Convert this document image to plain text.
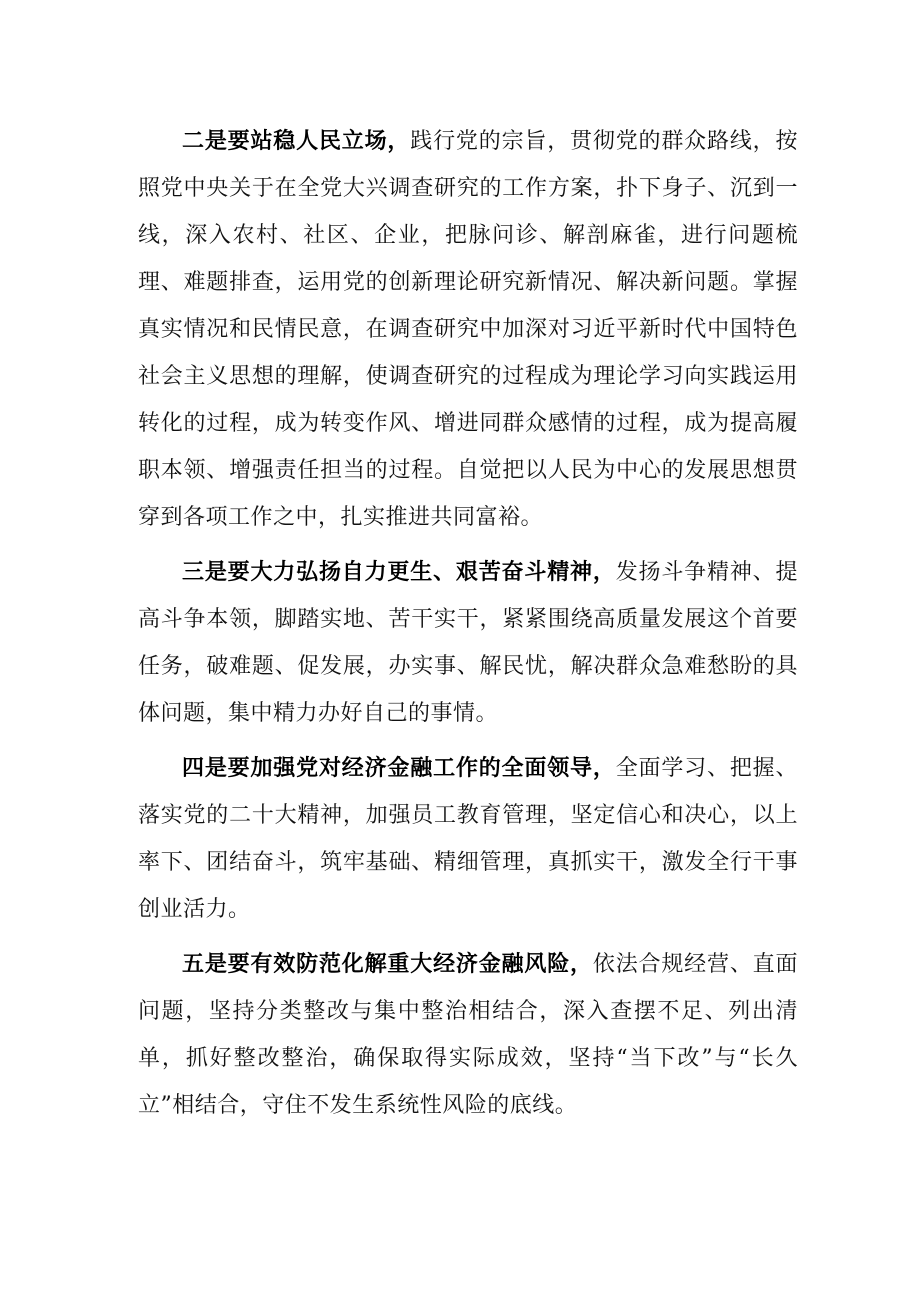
二是要站稳人民立场，践行党的宗旨，贯彻党的群众路线，按照党中央关于在全党大兴调查研究的工作方案，扑下身子、沉到一线，深入农村、社区、企业，把脉问诊、解剖麻雀，进行问题梳理、难题排查，运用党的创新理论研究新情况、解决新问题。掌握真实情况和民情民意，在调查研究中加深对习近平新时代中国特色社会主义思想的理解，使调查研究的过程成为理论学习向实践运用转化的过程，成为转变作风、增进同群众感情的过程，成为提高履职本领、增强责任担当的过程。自觉把以人民为中心的发展思想贯穿到各项工作之中，扎实推进共同富裕。

三是要大力弘扬自力更生、艰苦奋斗精神，发扬斗争精神、提高斗争本领，脚踏实地、苦干实干，紧紧围绕高质量发展这个首要任务，破难题、促发展，办实事、解民忧，解决群众急难愁盼的具体问题，集中精力办好自己的事情。

四是要加强党对经济金融工作的全面领导，全面学习、把握、落实党的二十大精神，加强员工教育管理，坚定信心和决心，以上率下、团结奋斗，筑牢基础、精细管理，真抓实干，激发全行干事创业活力。

五是要有效防范化解重大经济金融风险，依法合规经营、直面问题，坚持分类整改与集中整治相结合，深入查摆不足、列出清单，抓好整改整治，确保取得实际成效，坚持“当下改”与“长久立”相结合，守住不发生系统性风险的底线。
